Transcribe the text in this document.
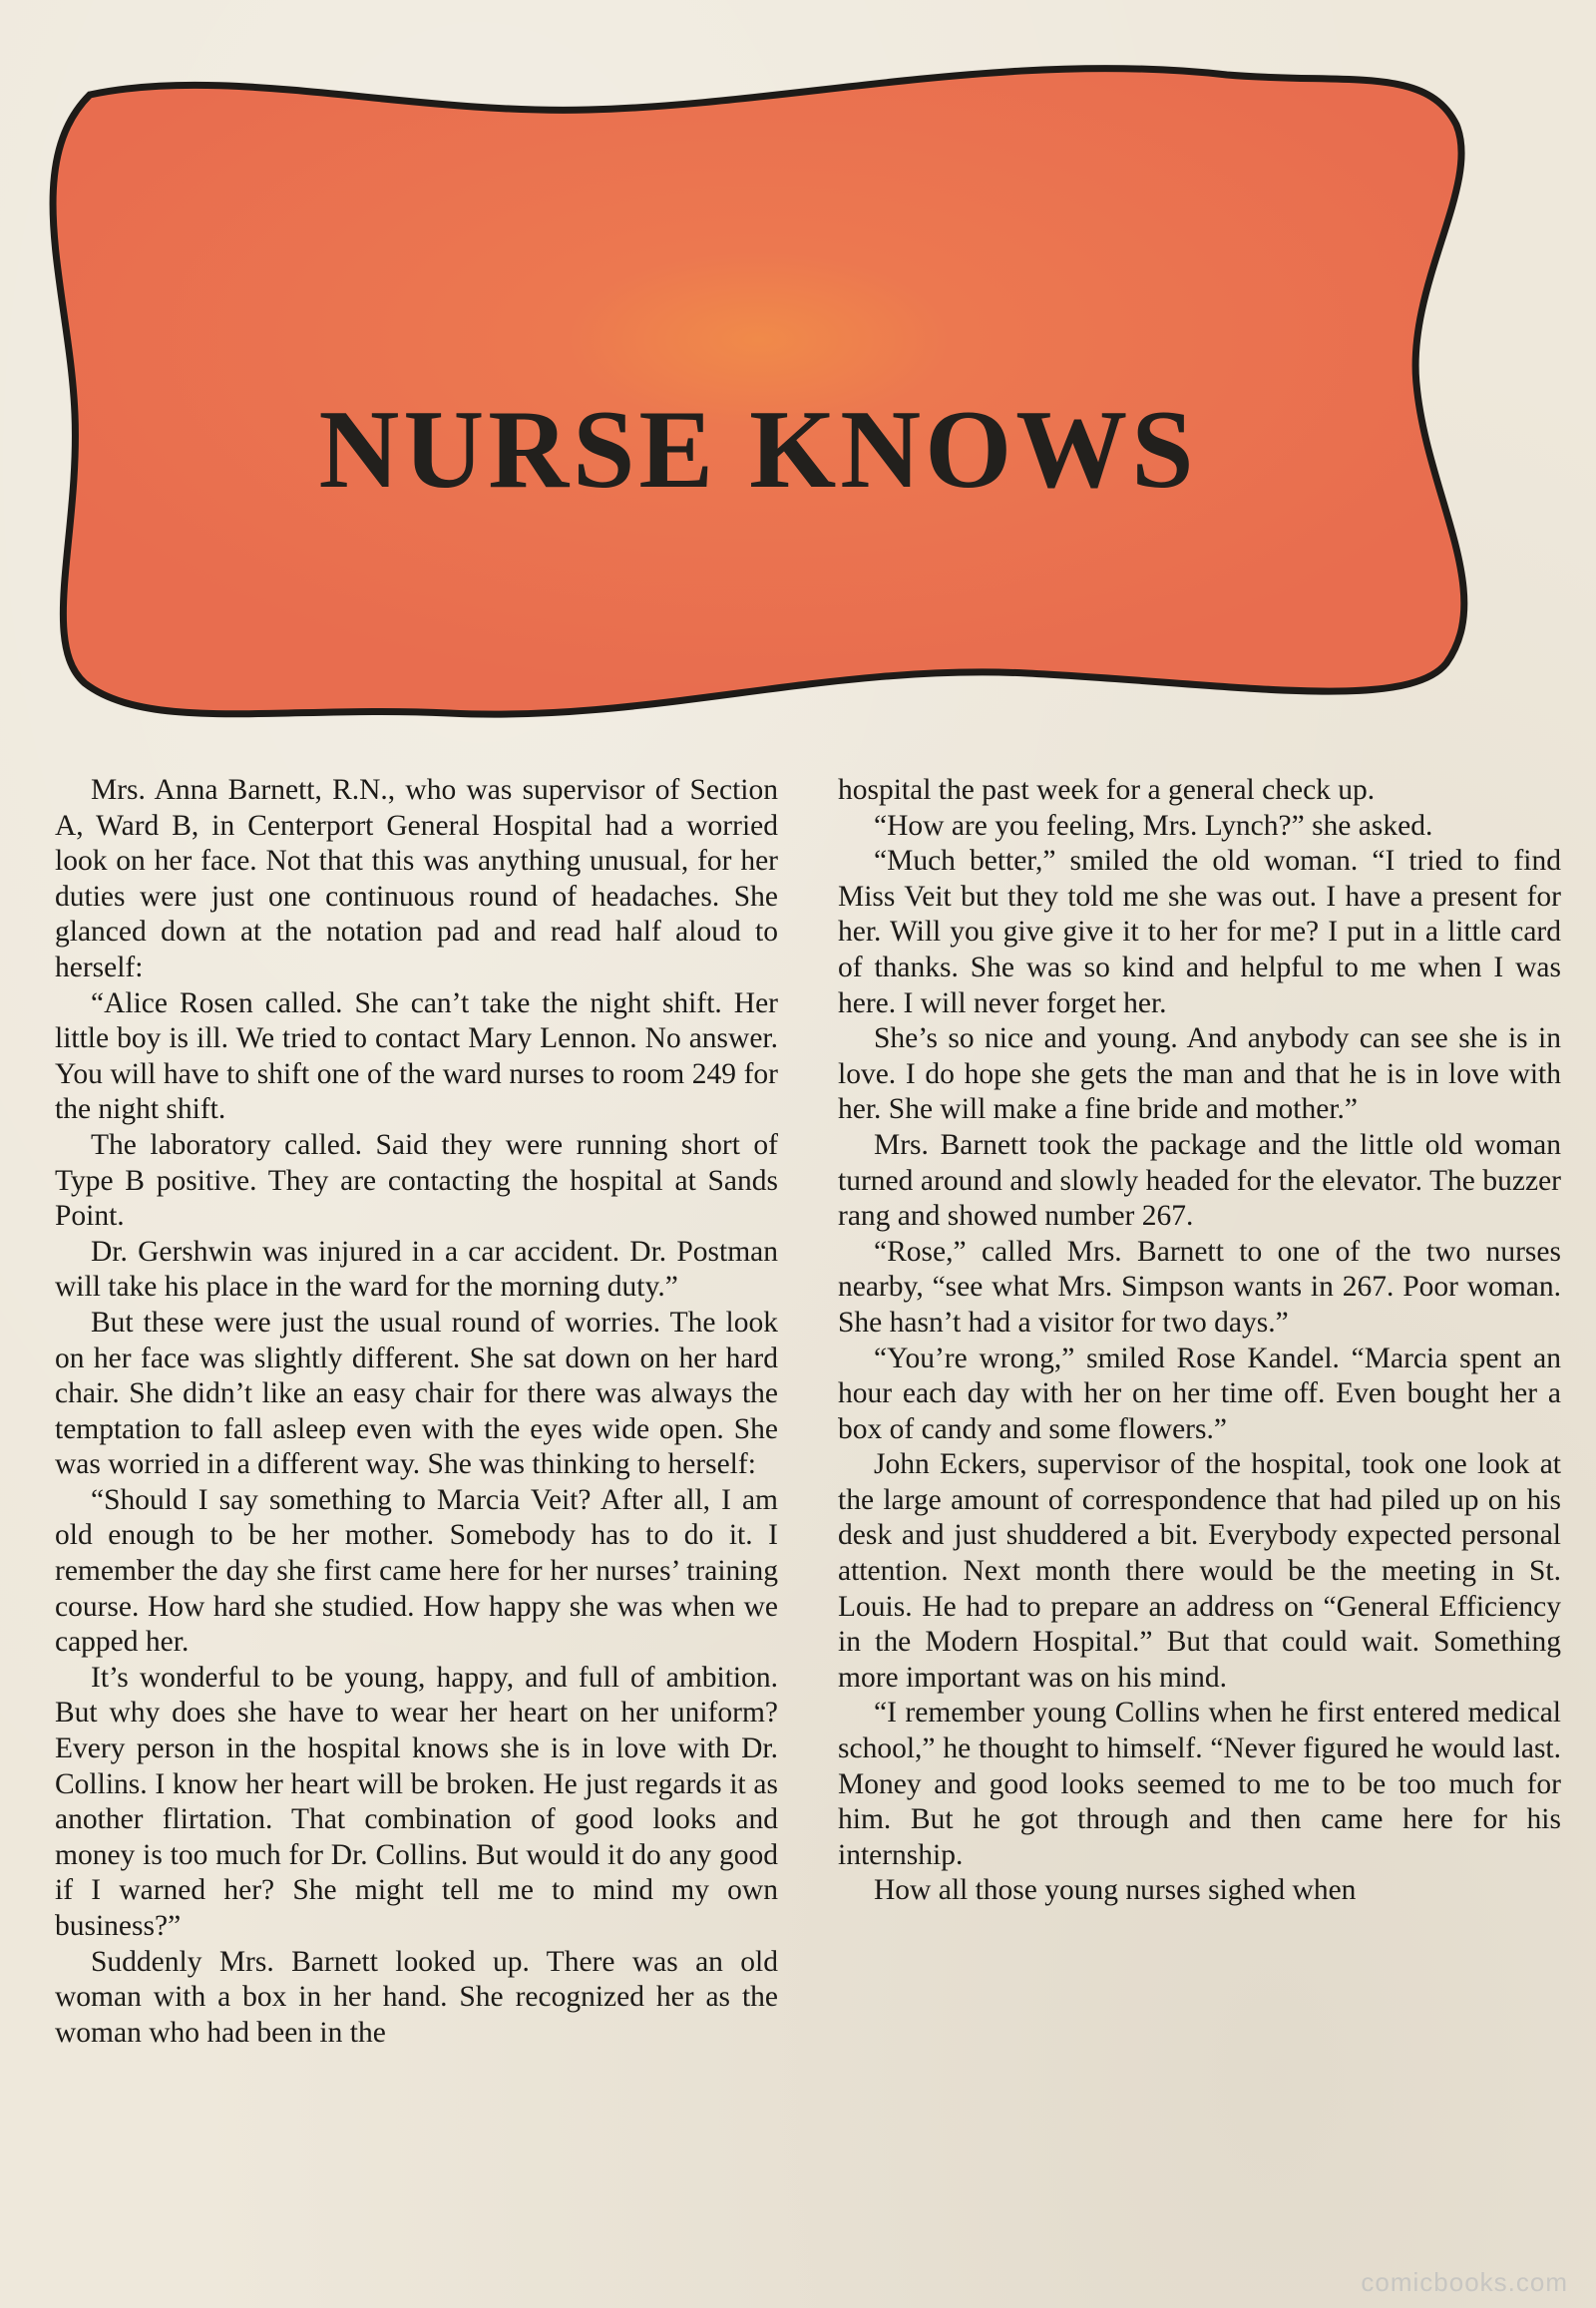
NURSE KNOWS

Mrs. Anna Barnett, R.N., who was supervisor of Section A, Ward B, in Centerport General Hospital had a worried look on her face. Not that this was anything unusual, for her duties were just one continuous round of headaches. She glanced down at the notation pad and read half aloud to herself:

“Alice Rosen called. She can’t take the night shift. Her little boy is ill. We tried to contact Mary Lennon. No answer. You will have to shift one of the ward nurses to room 249 for the night shift.

The laboratory called. Said they were running short of Type B positive. They are contacting the hospital at Sands Point.

Dr. Gershwin was injured in a car accident. Dr. Postman will take his place in the ward for the morning duty.”

But these were just the usual round of worries. The look on her face was slightly different. She sat down on her hard chair. She didn’t like an easy chair for there was always the temptation to fall asleep even with the eyes wide open. She was worried in a different way. She was thinking to herself:

“Should I say something to Marcia Veit? After all, I am old enough to be her mother. Somebody has to do it. I remember the day she first came here for her nurses’ training course. How hard she studied. How happy she was when we capped her.

It’s wonderful to be young, happy, and full of ambition. But why does she have to wear her heart on her uniform? Every person in the hospital knows she is in love with Dr. Collins. I know her heart will be broken. He just regards it as another flirtation. That combination of good looks and money is too much for Dr. Collins. But would it do any good if I warned her? She might tell me to mind my own business?”

Suddenly Mrs. Barnett looked up. There was an old woman with a box in her hand. She recognized her as the woman who had been in the

hospital the past week for a general check up.

“How are you feeling, Mrs. Lynch?” she asked.

“Much better,” smiled the old woman. “I tried to find Miss Veit but they told me she was out. I have a present for her. Will you give give it to her for me? I put in a little card of thanks. She was so kind and helpful to me when I was here. I will never forget her.

She’s so nice and young. And anybody can see she is in love. I do hope she gets the man and that he is in love with her. She will make a fine bride and mother.”

Mrs. Barnett took the package and the little old woman turned around and slowly headed for the elevator. The buzzer rang and showed number 267.

“Rose,” called Mrs. Barnett to one of the two nurses nearby, “see what Mrs. Simpson wants in 267. Poor woman. She hasn’t had a visitor for two days.”

“You’re wrong,” smiled Rose Kandel. “Marcia spent an hour each day with her on her time off. Even bought her a box of candy and some flowers.”

John Eckers, supervisor of the hospital, took one look at the large amount of correspondence that had piled up on his desk and just shuddered a bit. Everybody expected personal attention. Next month there would be the meeting in St. Louis. He had to prepare an address on “General Efficiency in the Modern Hospital.” But that could wait. Something more important was on his mind.

“I remember young Collins when he first entered medical school,” he thought to himself. “Never figured he would last. Money and good looks seemed to me to be too much for him. But he got through and then came here for his internship.

How all those young nurses sighed when

comicbooks.com
